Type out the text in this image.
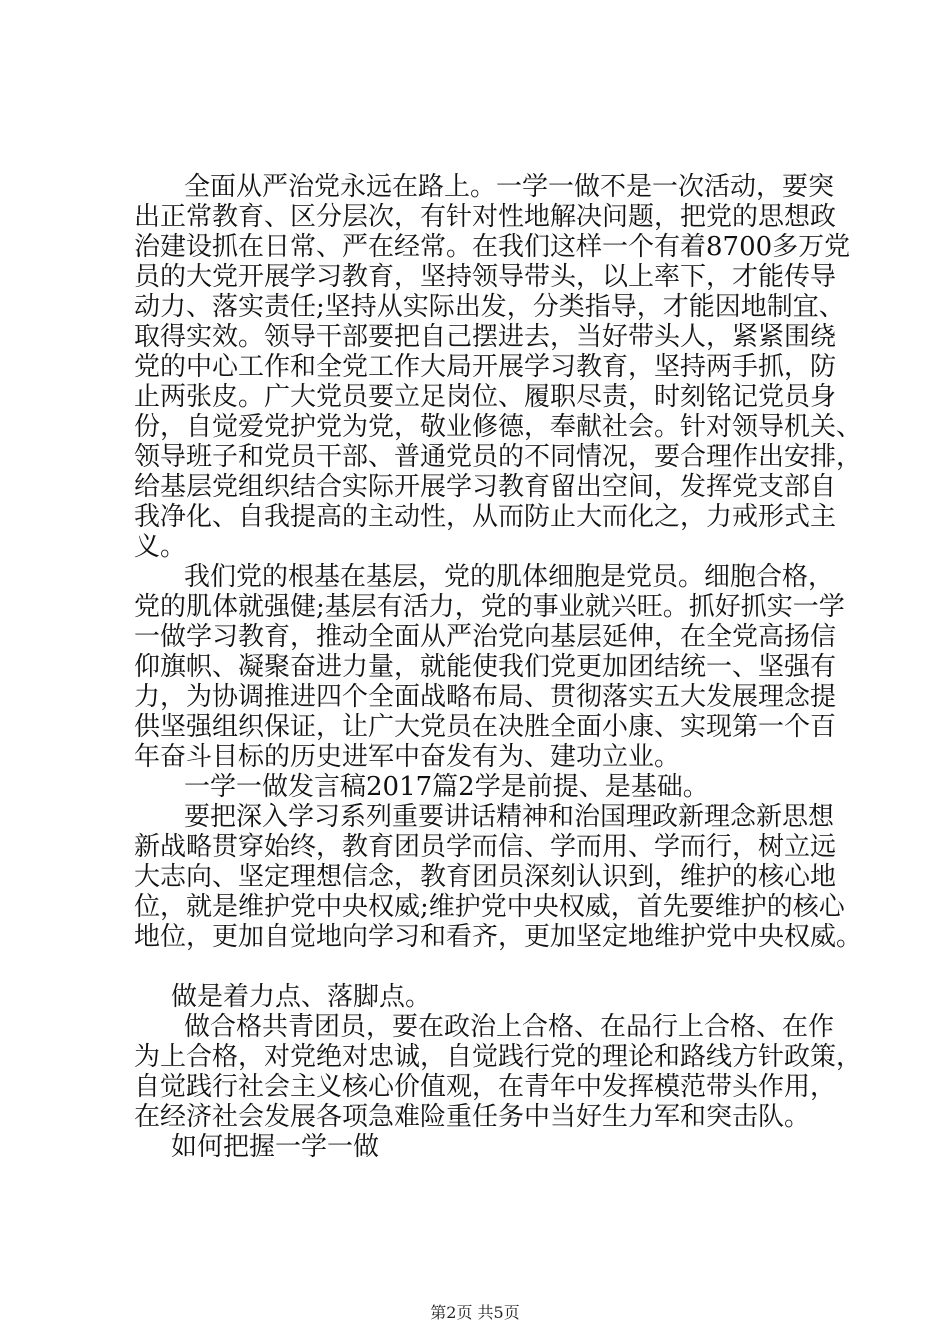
全面从严治党永远在路上。一学一做不是一次活动，要突

出正常教育、区分层次，有针对性地解决问题，把党的思想政

治建设抓在日常、严在经常。在我们这样一个有着8700多万党

员的大党开展学习教育，坚持领导带头，以上率下，才能传导

动力、落实责任;坚持从实际出发，分类指导，才能因地制宜、

取得实效。领导干部要把自己摆进去，当好带头人，紧紧围绕

党的中心工作和全党工作大局开展学习教育，坚持两手抓，防

止两张皮。广大党员要立足岗位、履职尽责，时刻铭记党员身

份，自觉爱党护党为党，敬业修德，奉献社会。针对领导机关、

领导班子和党员干部、普通党员的不同情况，要合理作出安排，

给基层党组织结合实际开展学习教育留出空间，发挥党支部自

我净化、自我提高的主动性，从而防止大而化之，力戒形式主

义。

我们党的根基在基层，党的肌体细胞是党员。细胞合格，

党的肌体就强健;基层有活力，党的事业就兴旺。抓好抓实一学

一做学习教育，推动全面从严治党向基层延伸，在全党高扬信

仰旗帜、凝聚奋进力量，就能使我们党更加团结统一、坚强有

力，为协调推进四个全面战略布局、贯彻落实五大发展理念提

供坚强组织保证，让广大党员在决胜全面小康、实现第一个百

年奋斗目标的历史进军中奋发有为、建功立业。

一学一做发言稿2017篇2学是前提、是基础。

要把深入学习系列重要讲话精神和治国理政新理念新思想

新战略贯穿始终，教育团员学而信、学而用、学而行，树立远

大志向、坚定理想信念，教育团员深刻认识到，维护的核心地

位，就是维护党中央权威;维护党中央权威，首先要维护的核心

地位，更加自觉地向学习和看齐，更加坚定地维护党中央权威。

做是着力点、落脚点。

做合格共青团员，要在政治上合格、在品行上合格、在作

为上合格，对党绝对忠诚，自觉践行党的理论和路线方针政策，

自觉践行社会主义核心价值观，在青年中发挥模范带头作用，

在经济社会发展各项急难险重任务中当好生力军和突击队。

如何把握一学一做

第2页 共5页
